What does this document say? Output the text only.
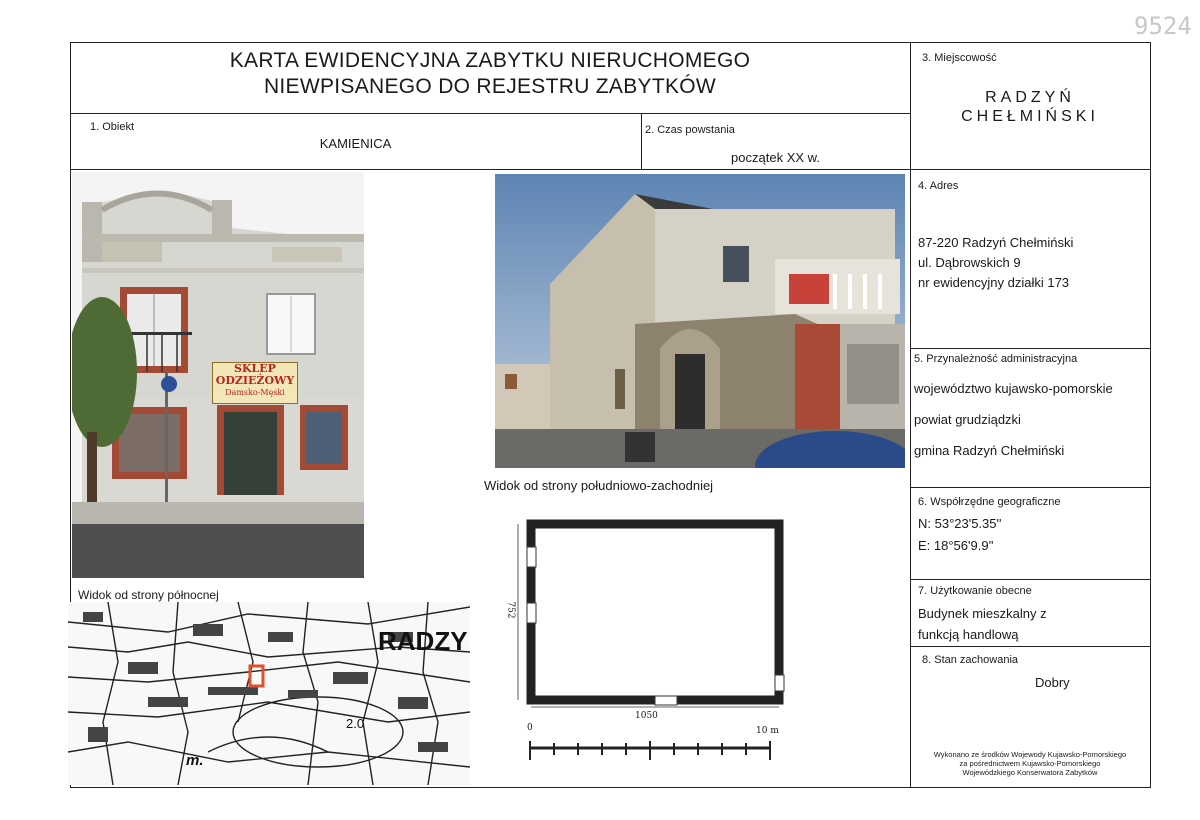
9524
KARTA EWIDENCYJNA ZABYTKU NIERUCHOMEGO
NIEWPISANEGO DO REJESTRU ZABYTKÓW
1. Obiekt
KAMIENICA
2. Czas powstania
początek XX w.
3. Miejscowość
RADZYŃ
CHEŁMIŃSKI
4. Adres
87-220 Radzyń Chełmiński
ul. Dąbrowskich 9
nr ewidencyjny działki 173
5. Przynależność administracyjna
województwo kujawsko-pomorskie
powiat grudziądzki
gmina Radzyń Chełmiński
6. Współrzędne geograficzne
N: 53°23'5.35''
E: 18°56'9.9''
7. Użytkowanie obecne
Budynek mieszkalny z
funkcją handlową
8. Stan zachowania
Dobry
Wykonano ze środków Wojewody Kujawsko-Pomorskiego
za pośrednictwem Kujawsko-Pomorskiego
Wojewódzkiego Konserwatora Zabytków
SKLEP
ODZIEŻOWY
Damsko-Męski
Widok od strony północnej
Widok od strony południowo-zachodniej
RADZY
2.0
m.
1050
752
0	10 m
